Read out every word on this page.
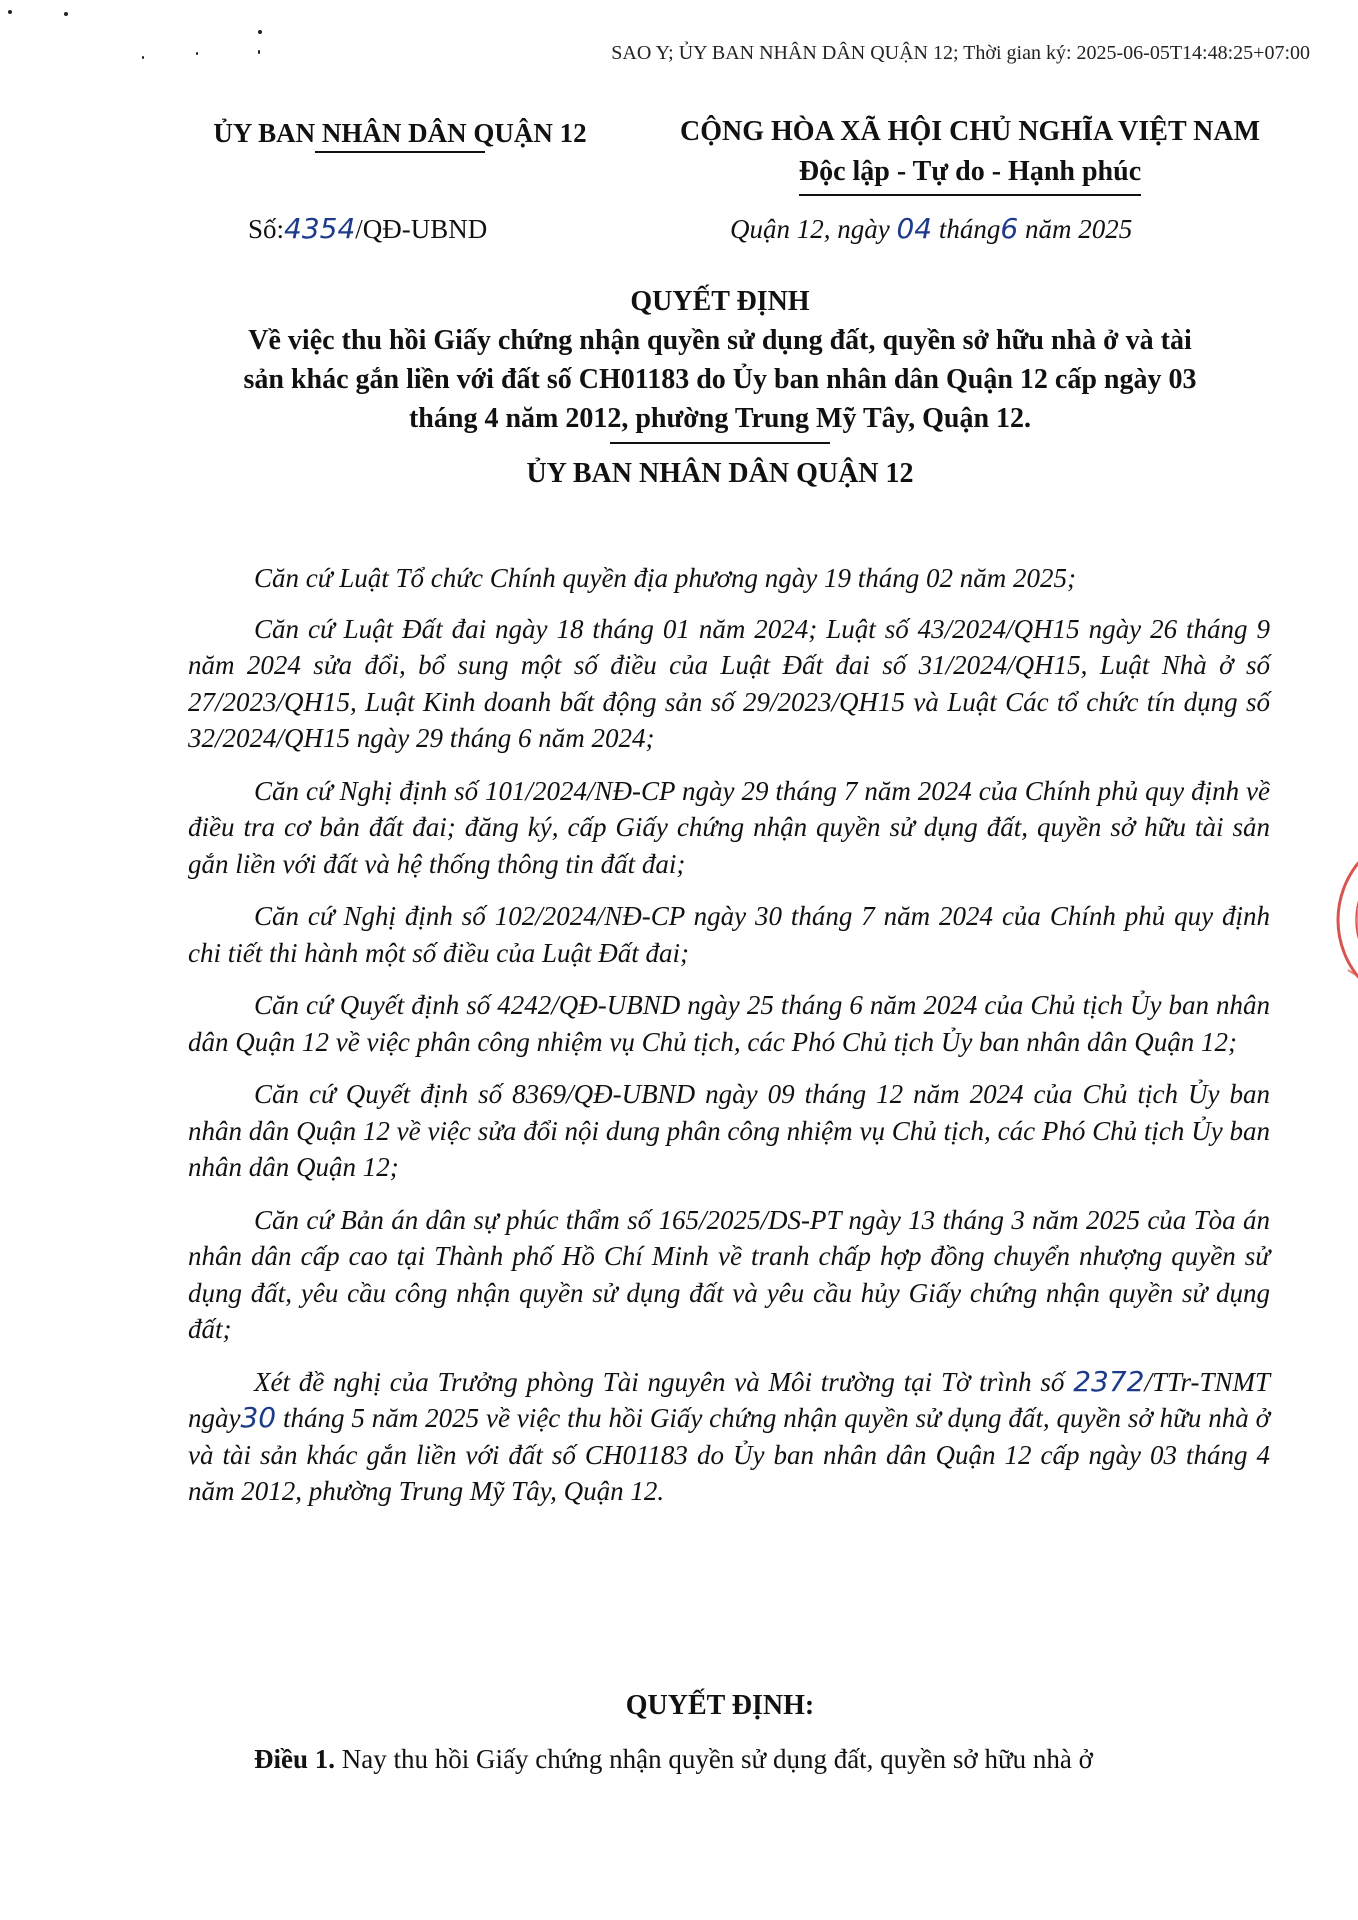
SAO Y; ỦY BAN NHÂN DÂN QUẬN 12; Thời gian ký: 2025-06-05T14:48:25+07:00
ỦY BAN NHÂN DÂN QUẬN 12	CỘNG HÒA XÃ HỘI CHỦ NGHĨA VIỆT NAM
Độc lập - Tự do - Hạnh phúc
Số:4354/QĐ-UBND	Quận 12, ngày 04 tháng6 năm 2025
QUYẾT ĐỊNH
Về việc thu hồi Giấy chứng nhận quyền sử dụng đất, quyền sở hữu nhà ở và tài
sản khác gắn liền với đất số CH01183 do Ủy ban nhân dân Quận 12 cấp ngày 03
tháng 4 năm 2012, phường Trung Mỹ Tây, Quận 12.
ỦY BAN NHÂN DÂN QUẬN 12

Căn cứ Luật Tổ chức Chính quyền địa phương ngày 19 tháng 02 năm 2025;

Căn cứ Luật Đất đai ngày 18 tháng 01 năm 2024; Luật số 43/2024/QH15 ngày 26 tháng 9 năm 2024 sửa đổi, bổ sung một số điều của Luật Đất đai số 31/2024/QH15, Luật Nhà ở số 27/2023/QH15, Luật Kinh doanh bất động sản số 29/2023/QH15 và Luật Các tổ chức tín dụng số 32/2024/QH15 ngày 29 tháng 6 năm 2024;

Căn cứ Nghị định số 101/2024/NĐ-CP ngày 29 tháng 7 năm 2024 của Chính phủ quy định về điều tra cơ bản đất đai; đăng ký, cấp Giấy chứng nhận quyền sử dụng đất, quyền sở hữu tài sản gắn liền với đất và hệ thống thông tin đất đai;

Căn cứ Nghị định số 102/2024/NĐ-CP ngày 30 tháng 7 năm 2024 của Chính phủ quy định chi tiết thi hành một số điều của Luật Đất đai;

Căn cứ Quyết định số 4242/QĐ-UBND ngày 25 tháng 6 năm 2024 của Chủ tịch Ủy ban nhân dân Quận 12 về việc phân công nhiệm vụ Chủ tịch, các Phó Chủ tịch Ủy ban nhân dân Quận 12;

Căn cứ Quyết định số 8369/QĐ-UBND ngày 09 tháng 12 năm 2024 của Chủ tịch Ủy ban nhân dân Quận 12 về việc sửa đổi nội dung phân công nhiệm vụ Chủ tịch, các Phó Chủ tịch Ủy ban nhân dân Quận 12;

Căn cứ Bản án dân sự phúc thẩm số 165/2025/DS-PT ngày 13 tháng 3 năm 2025 của Tòa án nhân dân cấp cao tại Thành phố Hồ Chí Minh về tranh chấp hợp đồng chuyển nhượng quyền sử dụng đất, yêu cầu công nhận quyền sử dụng đất và yêu cầu hủy Giấy chứng nhận quyền sử dụng đất;

Xét đề nghị của Trưởng phòng Tài nguyên và Môi trường tại Tờ trình số 2372/TTr-TNMT ngày30 tháng 5 năm 2025 về việc thu hồi Giấy chứng nhận quyền sử dụng đất, quyền sở hữu nhà ở và tài sản khác gắn liền với đất số CH01183 do Ủy ban nhân dân Quận 12 cấp ngày 03 tháng 4 năm 2012, phường Trung Mỹ Tây, Quận 12.

QUYẾT ĐỊNH:
Điều 1. Nay thu hồi Giấy chứng nhận quyền sử dụng đất, quyền sở hữu nhà ở
